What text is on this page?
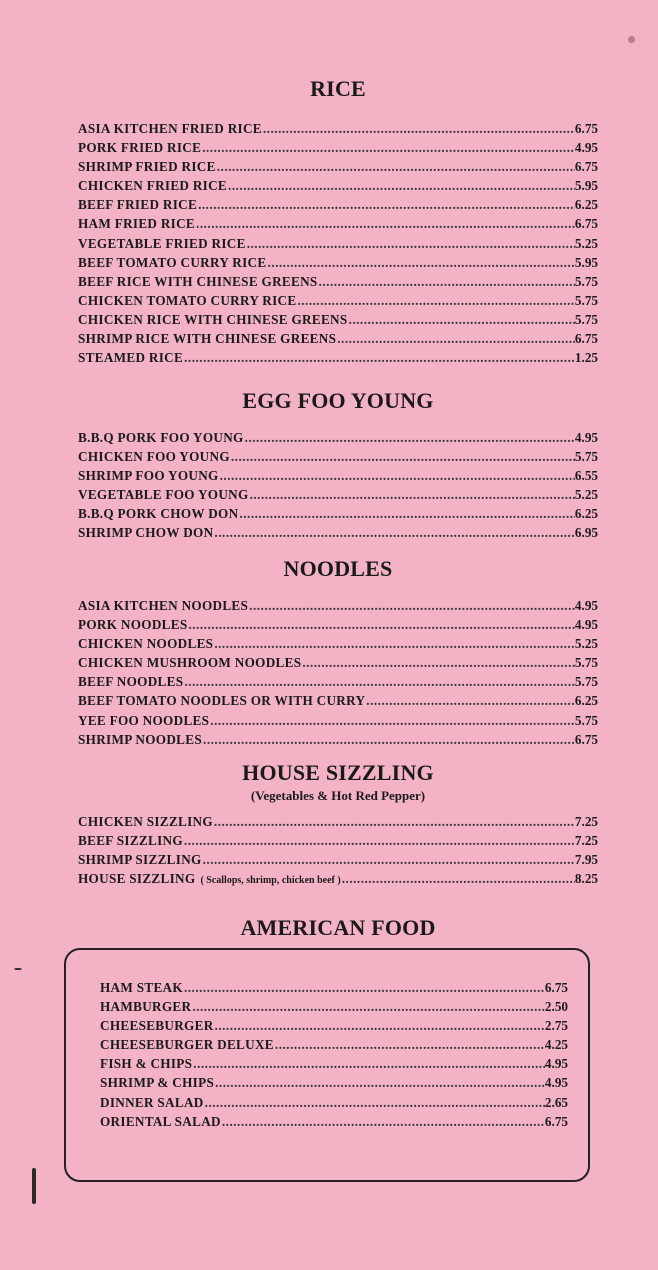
RICE
ASIA KITCHEN FRIED RICE .....	6.75
PORK FRIED RICE .....	4.95
SHRIMP FRIED RICE .....	6.75
CHICKEN FRIED RICE .....	5.95
BEEF FRIED RICE .....	6.25
HAM FRIED RICE .....	6.75
VEGETABLE FRIED RICE .....	5.25
BEEF TOMATO CURRY RICE .....	5.95
BEEF RICE WITH CHINESE GREENS .....	5.75
CHICKEN TOMATO CURRY RICE .....	5.75
CHICKEN RICE WITH CHINESE GREENS .....	5.75
SHRIMP RICE WITH CHINESE GREENS .....	6.75
STEAMED RICE .....	1.25
EGG FOO YOUNG
B.B.Q PORK FOO YOUNG .....	4.95
CHICKEN FOO YOUNG .....	5.75
SHRIMP FOO YOUNG .....	6.55
VEGETABLE FOO YOUNG .....	5.25
B.B.Q PORK CHOW DON .....	6.25
SHRIMP CHOW DON .....	6.95
NOODLES
ASIA KITCHEN NOODLES .....	4.95
PORK NOODLES .....	4.95
CHICKEN NOODLES .....	5.25
CHICKEN MUSHROOM NOODLES .....	5.75
BEEF NOODLES .....	5.75
BEEF TOMATO NOODLES OR WITH CURRY .....	6.25
YEE FOO NOODLES .....	5.75
SHRIMP NOODLES .....	6.75
HOUSE SIZZLING

(Vegetables & Hot Red Pepper)

CHICKEN SIZZLING .....	7.25
BEEF SIZZLING .....	7.25
SHRIMP SIZZLING .....	7.95
HOUSE SIZZLING ( Scallops, shrimp, chicken beef ) .....	8.25
AMERICAN FOOD
HAM STEAK .....	6.75
HAMBURGER .....	2.50
CHEESEBURGER .....	2.75
CHEESEBURGER DELUXE .....	4.25
FISH & CHIPS .....	4.95
SHRIMP & CHIPS .....	4.95
DINNER SALAD .....	2.65
ORIENTAL SALAD .....	6.75
